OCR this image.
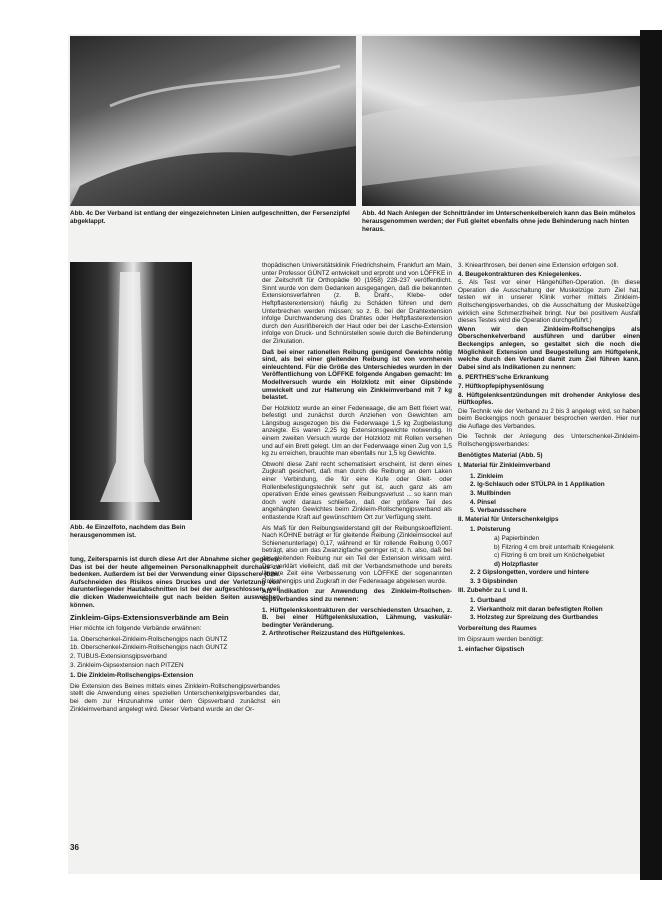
Abb. 4c Der Verband ist entlang der eingezeichneten Linien aufgeschnitten, der Fersenzipfel abgeklappt.
Abb. 4d Nach Anlegen der Schnittränder im Unterschenkelbereich kann das Bein mühelos herausgenommen werden; der Fuß gleitet ebenfalls ohne jede Behinderung nach hinten heraus.
Abb. 4e Einzelfoto, nachdem das Bein herausgenommen ist.

tung, Zeitersparnis ist durch diese Art der Abnahme sicher gegeben. Das ist bei der heute allgemeinen Personalknappheit durchaus zu bedenken. Außerdem ist bei der Verwendung einer Gipsschere (bzw. Aufschneiden des Risikos eines Druckes und der Verletzung von darunterliegender Hautabschnitten ist bei der aufgeschlossen, weil die dicken Wadenweichteile gut nach beiden Seiten ausweichen können.

Zinkleim-Gips-Extensionsverbände am Bein

Hier möchte ich folgende Verbände erwähnen:

1a. Oberschenkel-Zinkleim-Rollschengips nach GUNTZ
1b. Oberschenkel-Zinkleim-Rollschengips nach GUNTZ
2. TUBUS-Extensionsgipsverband
3. Zinkleim-Gipsextension nach PITZEN

1. Die Zinkleim-Rollschengips-Extension

Die Extension des Beines mittels eines Zinkleim-Rollschengipsverbandes stellt die Anwendung eines speziellen Unterschenkelgipsverbandes dar, bei dem zur Hinzunahme unter dem Gipsverband zunächst ein Zinkleimverband angelegt wird. Dieser Verband wurde an der Or-

thopädischen Universitätsklinik Friedrichsheim, Frankfurt am Main, unter Professor GÜNTZ entwickelt und erprobt und von LÖFFKE in der Zeitschrift für Orthopädie 90 (1958) 228-237 veröffentlicht. Sinnt wurde von dem Gedanken ausgegangen, daß die bekannten Extensionsverfahren (z. B. Draht-, Klebe- oder Heftpflasterextension) häufig zu Schäden führen und dem Unterbrechen werden müssen; so z. B. bei der Drahtextension infolge Durchwanderung des Drahtes oder Heftpflasterextension durch den Ausrißbereich der Haut oder bei der Lasche-Extension infolge von Druck- und Schnürstellen sowie durch die Behinderung der Zirkulation.

Daß bei einer rationellen Reibung genügend Gewichte nötig sind, als bei einer gleitenden Reibung ist von vornherein einleuchtend. Für die Größe des Unterschiedes wurden in der Veröffentlichung von LÖFFKE folgende Angaben gemacht: Im Modellversuch wurde ein Holzklotz mit einer Gipsbinde umwickelt und zur Halterung ein Zinkleimverband mit 7 kg belastet.

Der Holzklotz wurde an einer Federwaage, die am Bett fixiert war, befestigt und zunächst durch Anziehen von Gewichten am Längsbug ausgezogen bis die Federwaage 1,5 kg Zugbelastung anzeigte. Es waren 2,25 kg Extensionsgewichte notwendig. In einem zweiten Versuch wurde der Holzklotz mit Rollen versehen und auf ein Brett gelegt. Um an der Federwaage einen Zug von 1,5 kg zu erreichen, brauchte man ebenfalls nur 1,5 kg Gewichte.

Obwohl diese Zahl recht schematisiert erscheint, ist denn eines Zugkraft gesichert, daß man durch die Reibung an dem Laken einer Verbindung, die für eine Kufe oder Gleit- oder Rollenbefestigungstechnik sehr gut ist, auch ganz als am operativen Ende eines gewissen Reibungsverlust ... so kann man doch wohl daraus schließen, daß der größere Teil des angehängten Gewichtes beim Zinkleim-Rollschengipsverband als entlastende Kraft auf gewünschtem Ort zur Verfügung steht.

Als Maß für den Reibungswiderstand gilt der Reibungskoeffizient. Nach KÖHNE beträgt er für gleitende Reibung (Zinkleimsockel auf Schienenunterlage) 0,17, während er für rollende Reibung 0,007 beträgt, also um das Zwanzigfache geringer ist; d. h. also, daß bei der gleitenden Reibung nur ein Teil der Extension wirksam wird. Das verklärt vielleicht, daß mit der Verbandsmethode und bereits längere Zeit eine Verbesserung von LÖFFKE der sogenannten Rollschengips und Zugkraft in der Federwaage abgelesen wurde.

Als Indikation zur Anwendung des Zinkleim-Rollschen-Gipsverbandes sind zu nennen:

1. Hüftgelenkskontrakturen der verschiedensten Ursachen, z. B. bei einer Hüftgelenksluxation, Lähmung, vaskulär-bedingter Veränderung.
2. Arthrotischer Reizzustand des Hüftgelenkes.
3. Kniearthrosen, bei denen eine Extension erfolgen soll.
4. Beugekontrakturen des Kniegelenkes.
5. Als Test vor einer Hängehüften-Operation. (In diese Operation die Ausschaltung der Muskelzüge zum Ziel hat, testen wir in unserer Klinik vorher mittels Zinkleim-Rollschengipsverbandes, ob die Ausschaltung der Muskelzüge wirklich eine Schmerzfreiheit bringt. Nur bei positivem Ausfall dieses Testes wird die Operation durchgeführt.)

Wenn wir den Zinkleim-Rollschengips als Oberschenkelverband ausführen und darüber einen Beckengips anlegen, so gestaltet sich die noch die Möglichkeit Extension und Beugestellung am Hüftgelenk, welche durch den Verband damit zum Ziel führen kann. Dabei sind als Indikationen zu nennen:

6. PERTHES'sche Erkrankung
7. Hüftkopfepiphysenlösung
8. Hüftgelenksentzündungen mit drohender Ankylose des Hüftkopfes.

Die Technik wie der Verband zu 2 bis 3 angelegt wird, so haben beim Beckengips noch genauer besprochen werden. Hier nur die Auflage des Verbandes.

Die Technik der Anlegung des Unterschenkel-Zinkleim-Rollschengipsverbandes:

Benötigtes Material (Abb. 5)

I. Material für Zinkleimverband

1. Zinkleim
2. Ig-Schlauch oder STÜLPA in 1 Applikation
3. Mullbinden
4. Pinsel
5. Verbandsschere

II. Material für Unterschenkelgips

1. Polsterung
a) Papierbinden
b) Filzring 4 cm breit unterhalb Kniegelenk
c) Filzring 6 cm breit um Knöchelgebiet
d) Holzpflaster
2. 2 Gipslongetten, vordere und hintere
3. 3 Gipsbinden

III. Zubehör zu I. und II.

1. Gurtband
2. Vierkantholz mit daran befestigten Rollen
3. Holzsteg zur Spreizung des Gurtbandes

Vorbereitung des Raumes

Im Gipsraum werden benötigt:

1. einfacher Gipstisch

36
